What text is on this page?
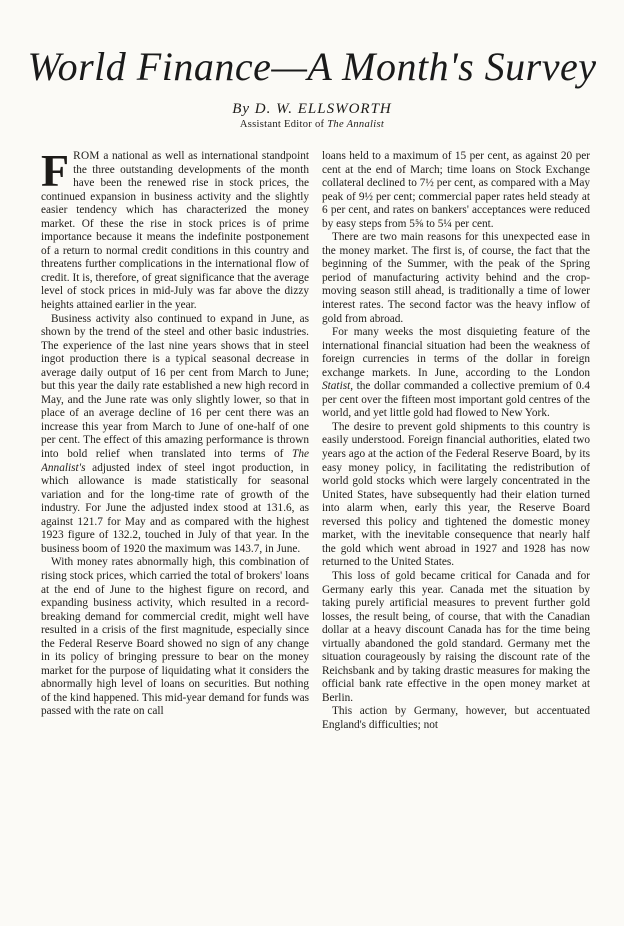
World Finance—A Month's Survey
By D. W. ELLSWORTH
Assistant Editor of The Annalist

FROM a national as well as international standpoint the three outstanding developments of the month have been the renewed rise in stock prices, the continued expansion in business activity and the slightly easier tendency which has characterized the money market. Of these the rise in stock prices is of prime importance because it means the indefinite postponement of a return to normal credit conditions in this country and threatens further complications in the international flow of credit. It is, therefore, of great significance that the average level of stock prices in mid-July was far above the dizzy heights attained earlier in the year.

Business activity also continued to expand in June, as shown by the trend of the steel and other basic industries. The experience of the last nine years shows that in steel ingot production there is a typical seasonal decrease in average daily output of 16 per cent from March to June; but this year the daily rate established a new high record in May, and the June rate was only slightly lower, so that in place of an average decline of 16 per cent there was an increase this year from March to June of one-half of one per cent. The effect of this amazing performance is thrown into bold relief when translated into terms of The Annalist's adjusted index of steel ingot production, in which allowance is made statistically for seasonal variation and for the long-time rate of growth of the industry. For June the adjusted index stood at 131.6, as against 121.7 for May and as compared with the highest 1923 figure of 132.2, touched in July of that year. In the business boom of 1920 the maximum was 143.7, in June.

With money rates abnormally high, this combination of rising stock prices, which carried the total of brokers' loans at the end of June to the highest figure on record, and expanding business activity, which resulted in a record-breaking demand for commercial credit, might well have resulted in a crisis of the first magnitude, especially since the Federal Reserve Board showed no sign of any change in its policy of bringing pressure to bear on the money market for the purpose of liquidating what it considers the abnormally high level of loans on securities. But nothing of the kind happened. This mid-year demand for funds was passed with the rate on call

loans held to a maximum of 15 per cent, as against 20 per cent at the end of March; time loans on Stock Exchange collateral declined to 7½ per cent, as compared with a May peak of 9½ per cent; commercial paper rates held steady at 6 per cent, and rates on bankers' acceptances were reduced by easy steps from 5⅝ to 5¼ per cent.

There are two main reasons for this unexpected ease in the money market. The first is, of course, the fact that the beginning of the Summer, with the peak of the Spring period of manufacturing activity behind and the crop-moving season still ahead, is traditionally a time of lower interest rates. The second factor was the heavy inflow of gold from abroad.

For many weeks the most disquieting feature of the international financial situation had been the weakness of foreign currencies in terms of the dollar in foreign exchange markets. In June, according to the London Statist, the dollar commanded a collective premium of 0.4 per cent over the fifteen most important gold centres of the world, and yet little gold had flowed to New York.

The desire to prevent gold shipments to this country is easily understood. Foreign financial authorities, elated two years ago at the action of the Federal Reserve Board, by its easy money policy, in facilitating the redistribution of world gold stocks which were largely concentrated in the United States, have subsequently had their elation turned into alarm when, early this year, the Reserve Board reversed this policy and tightened the domestic money market, with the inevitable consequence that nearly half the gold which went abroad in 1927 and 1928 has now returned to the United States.

This loss of gold became critical for Canada and for Germany early this year. Canada met the situation by taking purely artificial measures to prevent further gold losses, the result being, of course, that with the Canadian dollar at a heavy discount Canada has for the time being virtually abandoned the gold standard. Germany met the situation courageously by raising the discount rate of the Reichsbank and by taking drastic measures for making the official bank rate effective in the open money market at Berlin.

This action by Germany, however, but accentuated England's difficulties; not
